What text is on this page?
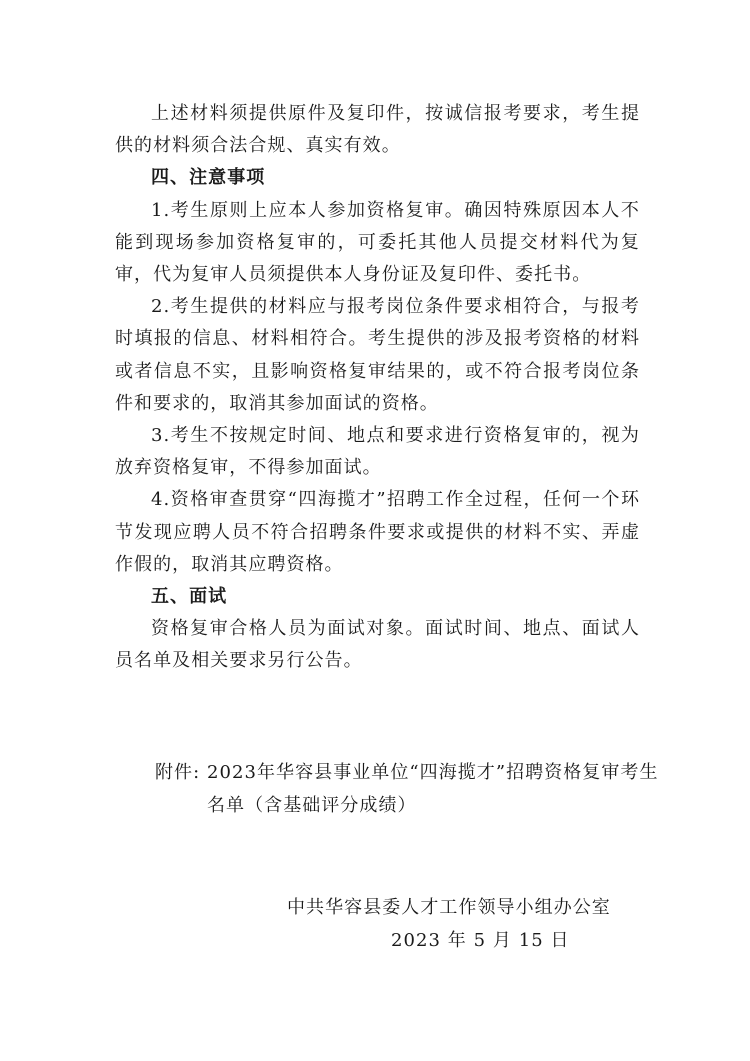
上述材料须提供原件及复印件，按诚信报考要求，考生提供的材料须合法合规、真实有效。

四、注意事项

1.考生原则上应本人参加资格复审。确因特殊原因本人不能到现场参加资格复审的，可委托其他人员提交材料代为复审，代为复审人员须提供本人身份证及复印件、委托书。

2.考生提供的材料应与报考岗位条件要求相符合，与报考时填报的信息、材料相符合。考生提供的涉及报考资格的材料或者信息不实，且影响资格复审结果的，或不符合报考岗位条件和要求的，取消其参加面试的资格。

3.考生不按规定时间、地点和要求进行资格复审的，视为放弃资格复审，不得参加面试。

4.资格审查贯穿“四海揽才”招聘工作全过程，任何一个环节发现应聘人员不符合招聘条件要求或提供的材料不实、弄虚作假的，取消其应聘资格。

五、面试

资格复审合格人员为面试对象。面试时间、地点、面试人员名单及相关要求另行公告。

附件: 2023年华容县事业单位“四海揽才”招聘资格复审考生名单（含基础评分成绩）
中共华容县委人才工作领导小组办公室
2023 年 5 月 15 日
